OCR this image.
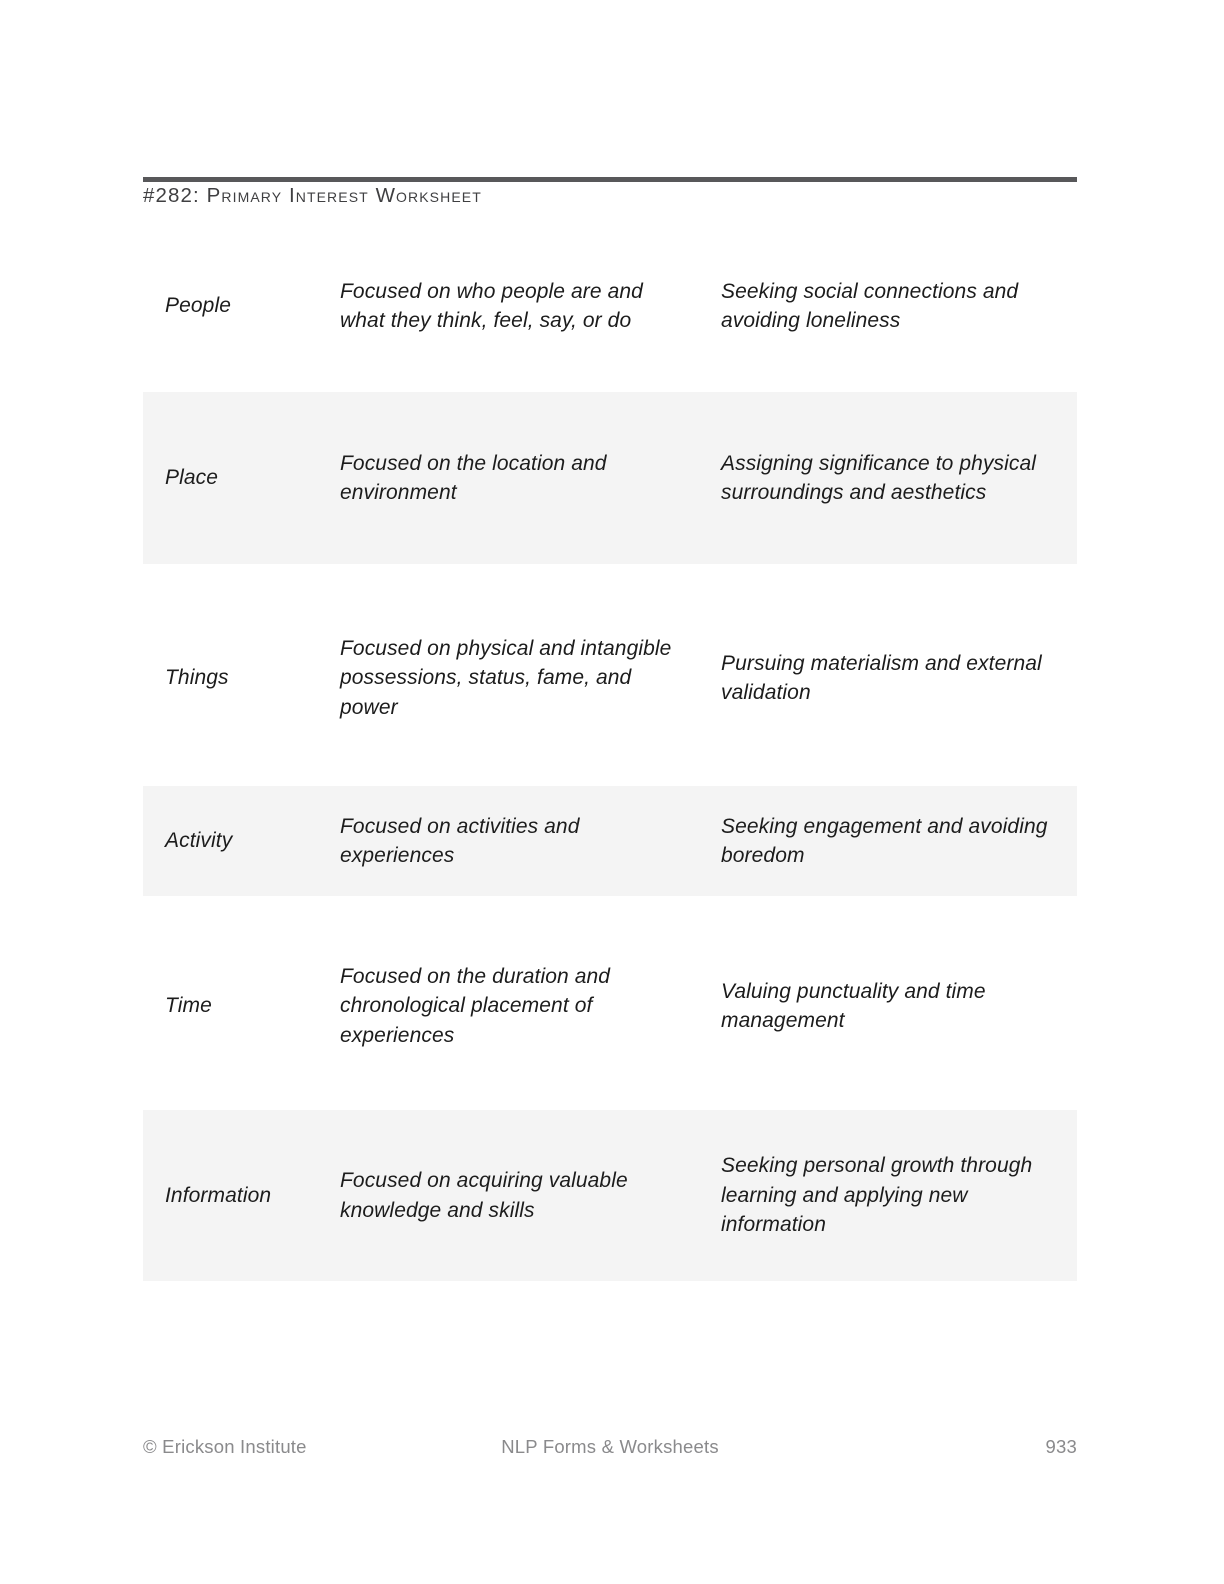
#282: Primary Interest Worksheet
People
Focused on who people are and what they think, feel, say, or do
Seeking social connections and avoiding loneliness
Place
Focused on the location and environment
Assigning significance to physical surroundings and aesthetics
Things
Focused on physical and intangible possessions, status, fame, and power
Pursuing materialism and external validation
Activity
Focused on activities and experiences
Seeking engagement and avoiding boredom
Time
Focused on the duration and chronological placement of experiences
Valuing punctuality and time management
Information
Focused on acquiring valuable knowledge and skills
Seeking personal growth through learning and applying new information
© Erickson Institute	NLP Forms & Worksheets	933
